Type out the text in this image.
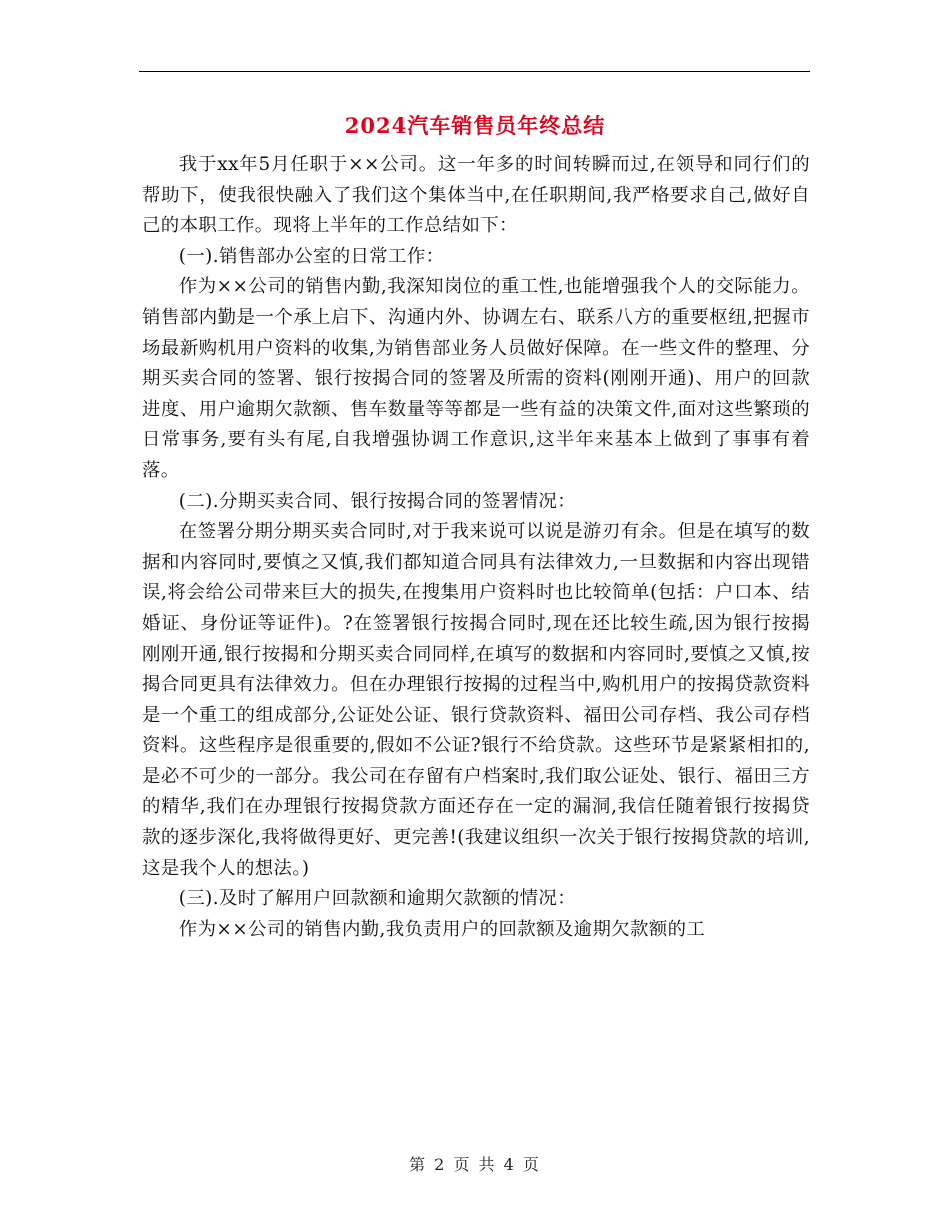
2024汽车销售员年终总结

我于xx年5月任职于××公司。这一年多的时间转瞬而过,在领导和同行们的帮助下，使我很快融入了我们这个集体当中,在任职期间,我严格要求自己,做好自己的本职工作。现将上半年的工作总结如下：

(一).销售部办公室的日常工作：

作为××公司的销售内勤,我深知岗位的重工性,也能增强我个人的交际能力。销售部内勤是一个承上启下、沟通内外、协调左右、联系八方的重要枢纽,把握市场最新购机用户资料的收集,为销售部业务人员做好保障。在一些文件的整理、分期买卖合同的签署、银行按揭合同的签署及所需的资料(刚刚开通)、用户的回款进度、用户逾期欠款额、售车数量等等都是一些有益的决策文件,面对这些繁琐的日常事务,要有头有尾,自我增强协调工作意识,这半年来基本上做到了事事有着落。

(二).分期买卖合同、银行按揭合同的签署情况：

在签署分期分期买卖合同时,对于我来说可以说是游刃有余。但是在填写的数据和内容同时,要慎之又慎,我们都知道合同具有法律效力,一旦数据和内容出现错误,将会给公司带来巨大的损失,在搜集用户资料时也比较简单(包括：户口本、结婚证、身份证等证件)。?在签署银行按揭合同时,现在还比较生疏,因为银行按揭刚刚开通,银行按揭和分期买卖合同同样,在填写的数据和内容同时,要慎之又慎,按揭合同更具有法律效力。但在办理银行按揭的过程当中,购机用户的按揭贷款资料是一个重工的组成部分,公证处公证、银行贷款资料、福田公司存档、我公司存档资料。这些程序是很重要的,假如不公证?银行不给贷款。这些环节是紧紧相扣的,是必不可少的一部分。我公司在存留有户档案时,我们取公证处、银行、福田三方的精华,我们在办理银行按揭贷款方面还存在一定的漏洞,我信任随着银行按揭贷款的逐步深化,我将做得更好、更完善!(我建议组织一次关于银行按揭贷款的培训,这是我个人的想法。)

(三).及时了解用户回款额和逾期欠款额的情况：

作为××公司的销售内勤,我负责用户的回款额及逾期欠款额的工

第 2 页 共 4 页
